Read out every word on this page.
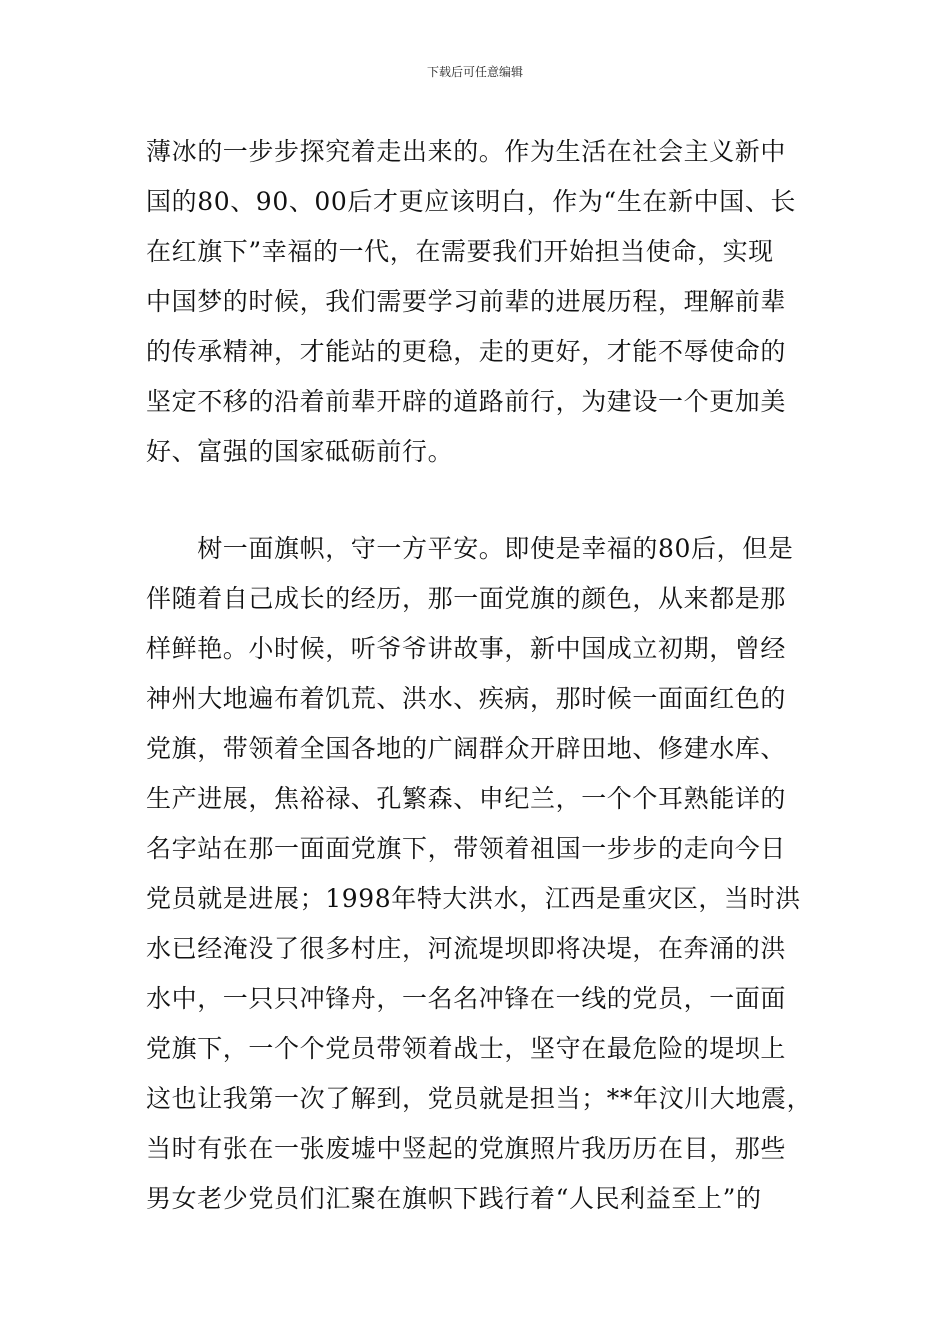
下载后可任意编辑
薄冰的一步步探究着走出来的。作为生活在社会主义新中
国的80、90、00后才更应该明白，作为“生在新中国、长
在红旗下”幸福的一代，在需要我们开始担当使命，实现
中国梦的时候，我们需要学习前辈的进展历程，理解前辈
的传承精神，才能站的更稳，走的更好，才能不辱使命的
坚定不移的沿着前辈开辟的道路前行，为建设一个更加美
好、富强的国家砥砺前行。
　　树一面旗帜，守一方平安。即使是幸福的80后，但是
伴随着自己成长的经历，那一面党旗的颜色，从来都是那
样鲜艳。小时候，听爷爷讲故事，新中国成立初期，曾经
神州大地遍布着饥荒、洪水、疾病，那时候一面面红色的
党旗，带领着全国各地的广阔群众开辟田地、修建水库、
生产进展，焦裕禄、孔繁森、申纪兰，一个个耳熟能详的
名字站在那一面面党旗下，带领着祖国一步步的走向今日
党员就是进展；1998年特大洪水，江西是重灾区，当时洪
水已经淹没了很多村庄，河流堤坝即将决堤，在奔涌的洪
水中，一只只冲锋舟，一名名冲锋在一线的党员，一面面
党旗下，一个个党员带领着战士，坚守在最危险的堤坝上
这也让我第一次了解到，党员就是担当；**年汶川大地震，
当时有张在一张废墟中竖起的党旗照片我历历在目，那些
男女老少党员们汇聚在旗帜下践行着“人民利益至上”的
